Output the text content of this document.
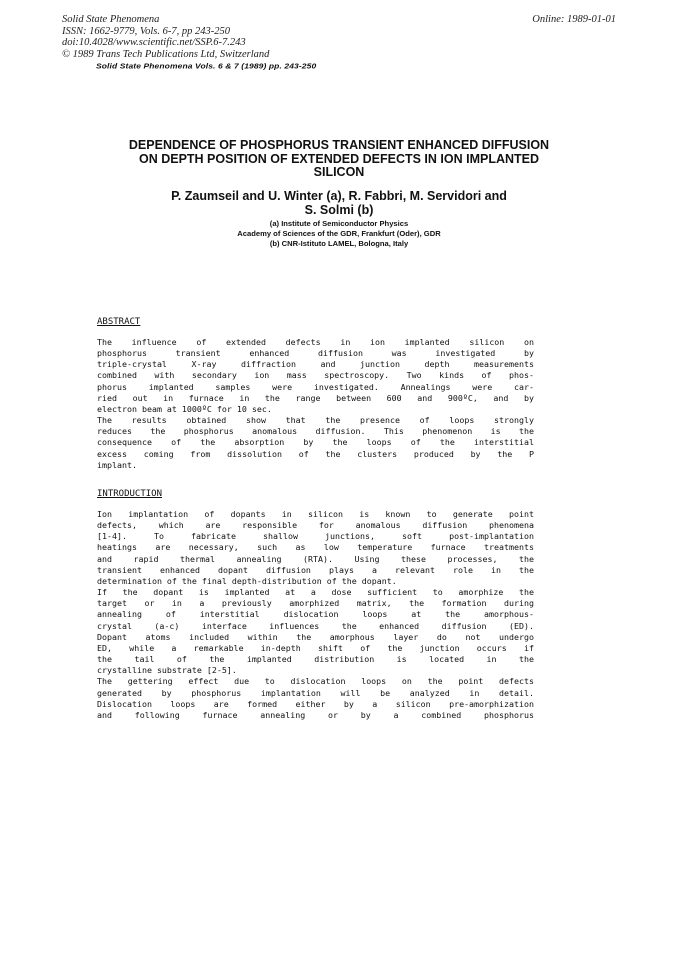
Solid State Phenomena
ISSN: 1662-9779, Vols. 6-7, pp 243-250
doi:10.4028/www.scientific.net/SSP.6-7.243
© 1989 Trans Tech Publications Ltd, Switzerland
Online: 1989-01-01
Solid State Phenomena Vols. 6 & 7 (1989) pp. 243-250
DEPENDENCE OF PHOSPHORUS TRANSIENT ENHANCED DIFFUSION
ON DEPTH POSITION OF EXTENDED DEFECTS IN ION IMPLANTED
SILICON
P. Zaumseil and U. Winter (a), R. Fabbri, M. Servidori and
S. Solmi (b)
(a) Institute of Semiconductor Physics
Academy of Sciences of the GDR, Frankfurt (Oder), GDR
(b) CNR-Istituto LAMEL, Bologna, Italy
ABSTRACT
The influence of extended defects in ion implanted silicon on
phosphorus transient enhanced diffusion was investigated by
triple-crystal X-ray diffraction and junction depth measurements
combined with secondary ion mass spectroscopy. Two kinds of phos-
phorus implanted samples were investigated. Annealings were car-
ried out in furnace in the range between 600 and 900ºC, and by
electron beam at 1000ºC for 10 sec.
The results obtained show that the presence of loops strongly
reduces the phosphorus anomalous diffusion. This phenomenon is the
consequence of the absorption by the loops of the interstitial
excess coming from dissolution of the clusters produced by the P
implant.
INTRODUCTION
Ion implantation of dopants in silicon is known to generate point
defects, which are responsible for anomalous diffusion phenomena
[1-4]. To fabricate shallow junctions, soft post-implantation
heatings are necessary, such as low temperature furnace treatments
and rapid thermal annealing (RTA). Using these processes, the
transient enhanced dopant diffusion plays a relevant role in the
determination of the final depth-distribution of the dopant.
If the dopant is implanted at a dose sufficient to amorphize the
target or in a previously amorphized matrix, the formation during
annealing of interstitial dislocation loops at the amorphous-
crystal (a-c) interface influences the enhanced diffusion (ED).
Dopant atoms included within the amorphous layer do not undergo
ED, while a remarkable in-depth shift of the junction occurs if
the tail of the implanted distribution is located in the
crystalline substrate [2-5].
The gettering effect due to dislocation loops on the point defects
generated by phosphorus implantation will be analyzed in detail.
Dislocation loops are formed either by a silicon pre-amorphization
and following furnace annealing or by a combined phosphorus
